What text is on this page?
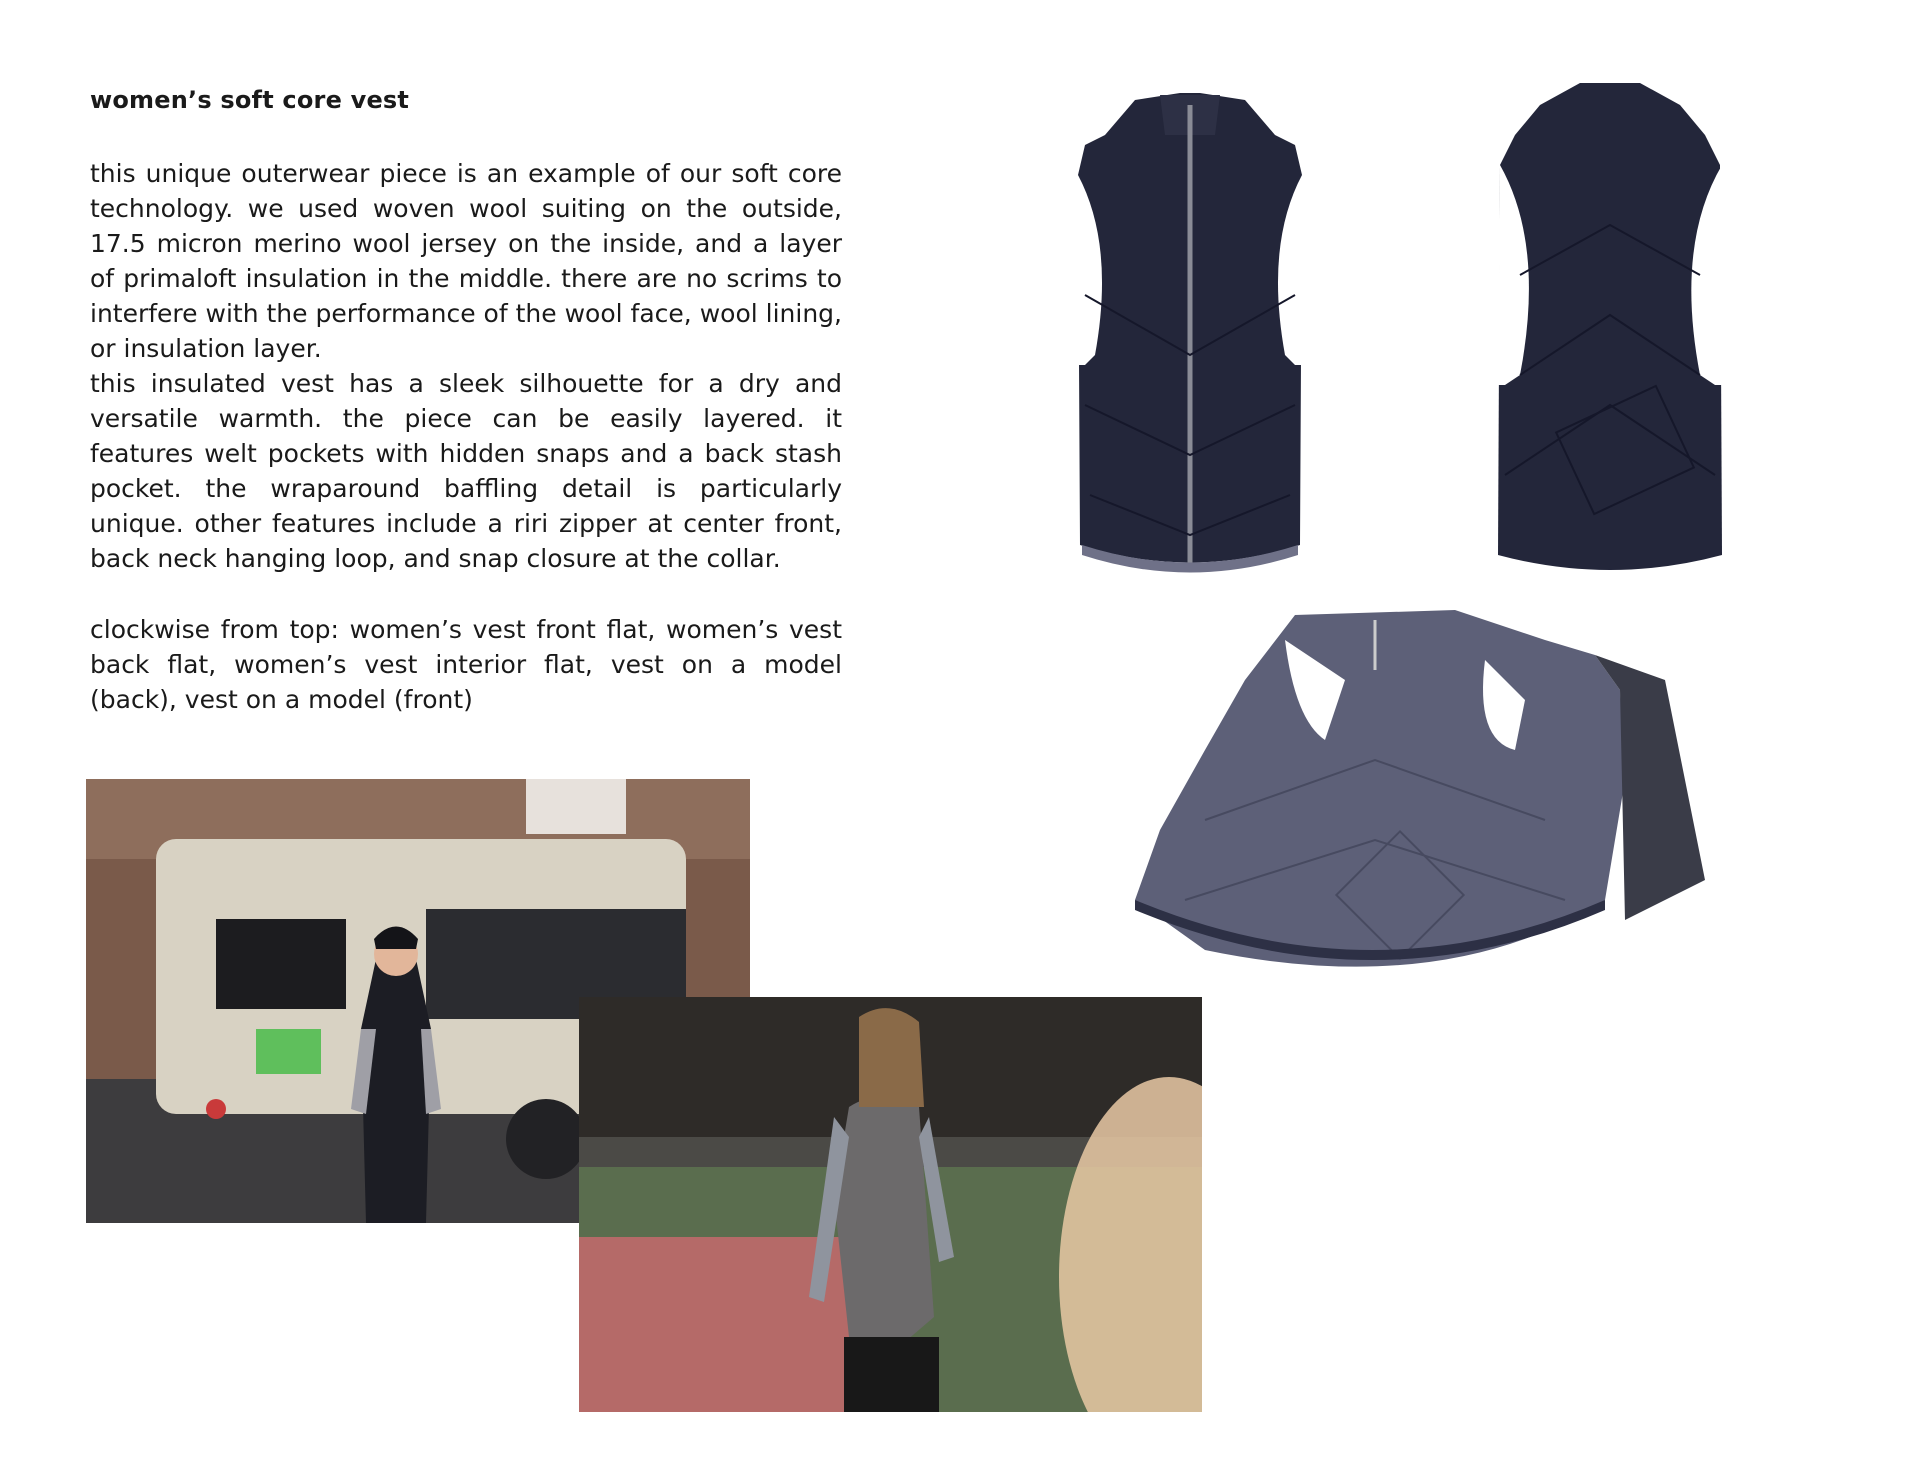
women’s soft core vest

this unique outerwear piece is an example of our soft core technology. we used woven wool suiting on the outside, 17.5 micron merino wool jersey on the inside, and a layer of primaloft insulation in the middle. there are no scrims to interfere with the performance of the wool face, wool lining, or insulation layer.

this insulated vest has a sleek silhouette for a dry and versatile warmth. the piece can be easily layered. it features welt pockets with hidden snaps and a back stash pocket. the wraparound baffling detail is particularly unique. other features include a riri zipper at center front, back neck hanging loop, and snap closure at the collar.

clockwise from top: women’s vest front flat, women’s vest back flat, women’s vest interior flat, vest on a model (back), vest on a model (front)
